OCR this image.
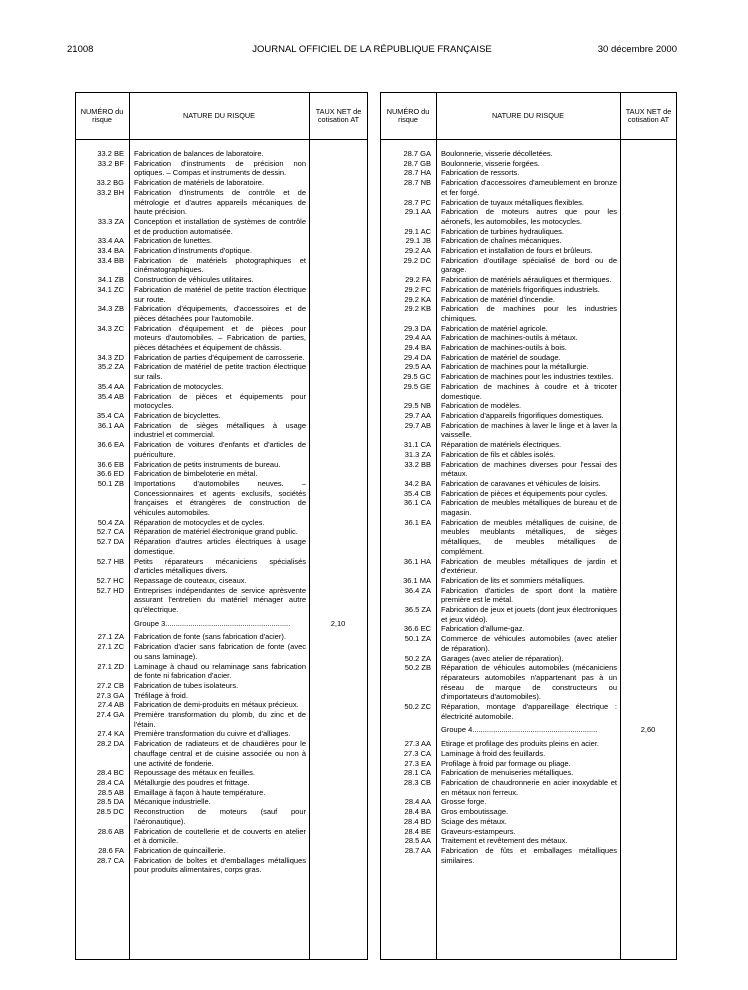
21008	JOURNAL OFFICIEL DE LA RÉPUBLIQUE FRANÇAISE	30 décembre 2000
NUMÉRO du risque	NATURE DU RISQUE	TAUX NET de cotisation AT
33.2 BE	Fabrication de balances de laboratoire.
33.2 BF	Fabrication d'instruments de précision non optiques. – Compas et instruments de dessin.
33.2 BG	Fabrication de matériels de laboratoire.
33.2 BH	Fabrication d'instruments de contrôle et de métrologie et d'autres appareils mécaniques de haute précision.
33.3 ZA	Conception et installation de systèmes de contrôle et de production automatisée.
33.4 AA	Fabrication de lunettes.
33.4 BA	Fabrication d'instruments d'optique.
33.4 BB	Fabrication de matériels photographiques et cinématographiques.
34.1 ZB	Construction de véhicules utilitaires.
34.1 ZC	Fabrication de matériel de petite traction électrique sur route.
34.3 ZB	Fabrication d'équipements, d'accessoires et de pièces détachées pour l'automobile.
34.3 ZC	Fabrication d'équipement et de pièces pour moteurs d'automobiles. – Fabrication de parties, pièces détachées et équipement de châssis.
34.3 ZD	Fabrication de parties d'équipement de carrosserie.
35.2 ZA	Fabrication de matériel de petite traction électrique sur rails.
35.4 AA	Fabrication de motocycles.
35.4 AB	Fabrication de pièces et équipements pour motocycles.
35.4 CA	Fabrication de bicyclettes.
36.1 AA	Fabrication de sièges métalliques à usage industriel et commercial.
36.6 EA	Fabrication de voitures d'enfants et d'articles de puériculture.
36.6 EB	Fabrication de petits instruments de bureau.
36.6 ED	Fabrication de bimbeloterie en métal.
50.1 ZB	Importations d'automobiles neuves. – Concessionnaires et agents exclusifs, sociétés françaises et étrangères de construction de véhicules automobiles.
50.4 ZA	Réparation de motocycles et de cycles.
52.7 CA	Réparation de matériel électronique grand public.
52.7 DA	Réparation d'autres articles électriques à usage domestique.
52.7 HB	Petits réparateurs mécaniciens spécialisés d'articles métalliques divers.
52.7 HC	Repassage de couteaux, ciseaux.
52.7 HD	Entreprises indépendantes de service aprèsvente assurant l'entretien du matériel ménager autre qu'électrique.
Groupe 3............................................................	2,10
27.1 ZA	Fabrication de fonte (sans fabrication d'acier).
27.1 ZC	Fabrication d'acier sans fabrication de fonte (avec ou sans laminage).
27.1 ZD	Laminage à chaud ou relaminage sans fabrication de fonte ni fabrication d'acier.
27.2 CB	Fabrication de tubes isolateurs.
27.3 GA	Tréfilage à froid.
27.4 AB	Fabrication de demi-produits en métaux précieux.
27.4 GA	Première transformation du plomb, du zinc et de l'étain.
27.4 KA	Première transformation du cuivre et d'alliages.
28.2 DA	Fabrication de radiateurs et de chaudières pour le chauffage central et de cuisine associée ou non à une activité de fonderie.
28.4 BC	Repoussage des métaux en feuilles.
28.4 CA	Métallurgie des poudres et frittage.
28.5 AB	Emaillage à façon à haute température.
28.5 DA	Mécanique industrielle.
28.5 DC	Reconstruction de moteurs (sauf pour l'aéronautique).
28.6 AB	Fabrication de coutellerie et de couverts en atelier et à domicile.
28.6 FA	Fabrication de quincaillerie.
28.7 CA	Fabrication de boîtes et d'emballages métalliques pour produits alimentaires, corps gras.
NUMÉRO du risque	NATURE DU RISQUE	TAUX NET de cotisation AT
28.7 GA	Boulonnerie, visserie décolletées.
28.7 GB	Boulonnerie, visserie forgées.
28.7 HA	Fabrication de ressorts.
28.7 NB	Fabrication d'accessoires d'ameublement en bronze et fer forgé.
28.7 PC	Fabrication de tuyaux métalliques flexibles.
29.1 AA	Fabrication de moteurs autres que pour les aéronefs, les automobiles, les motocycles.
29.1 AC	Fabrication de turbines hydrauliques.
29.1 JB	Fabrication de chaînes mécaniques.
29.2 AA	Fabrication et installation de fours et brûleurs.
29.2 DC	Fabrication d'outillage spécialisé de bord ou de garage.
29.2 FA	Fabrication de matériels aérauliques et thermiques.
29.2 FC	Fabrication de matériels frigorifiques industriels.
29.2 KA	Fabrication de matériel d'incendie.
29.2 KB	Fabrication de machines pour les industries chimiques.
29.3 DA	Fabrication de matériel agricole.
29.4 AA	Fabrication de machines-outils à métaux.
29.4 BA	Fabrication de machines-outils à bois.
29.4 DA	Fabrication de matériel de soudage.
29.5 AA	Fabrication de machines pour la métallurgie.
29.5 GC	Fabrication de machines pour les industries textiles.
29.5 GE	Fabrication de machines à coudre et à tricoter domestique.
29.5 NB	Fabrication de modèles.
29.7 AA	Fabrication d'appareils frigorifiques domestiques.
29.7 AB	Fabrication de machines à laver le linge et à laver la vaisselle.
31.1 CA	Réparation de matériels électriques.
31.3 ZA	Fabrication de fils et câbles isolés.
33.2 BB	Fabrication de machines diverses pour l'essai des métaux.
34.2 BA	Fabrication de caravanes et véhicules de loisirs.
35.4 CB	Fabrication de pièces et équipements pour cycles.
36.1 CA	Fabrication de meubles métalliques de bureau et de magasin.
36.1 EA	Fabrication de meubles métalliques de cuisine, de meubles meublants métalliques, de sièges métalliques, de meubles métalliques de complément.
36.1 HA	Fabrication de meubles métalliques de jardin et d'extérieur.
36.1 MA	Fabrication de lits et sommiers métalliques.
36.4 ZA	Fabrication d'articles de sport dont la matière première est le métal.
36.5 ZA	Fabrication de jeux et jouets (dont jeux électroniques et jeux vidéo).
36.6 EC	Fabrication d'allume-gaz.
50.1 ZA	Commerce de véhicules automobiles (avec atelier de réparation).
50.2 ZA	Garages (avec atelier de réparation).
50.2 ZB	Réparation de véhicules automobiles (mécaniciens réparateurs automobiles n'appartenant pas à un réseau de marque de constructeurs ou d'importateurs d'automobiles).
50.2 ZC	Réparation, montage d'appareillage électrique : électricité automobile.
Groupe 4............................................................	2,60
27.3 AA	Etirage et profilage des produits pleins en acier.
27.3 CA	Laminage à froid des feuillards.
27.3 EA	Profilage à froid par formage ou pliage.
28.1 CA	Fabrication de menuiseries métalliques.
28.3 CB	Fabrication de chaudronnerie en acier inoxydable et en métaux non ferreux.
28.4 AA	Grosse forge.
28.4 BA	Gros emboutissage.
28.4 BD	Sciage des métaux.
28.4 BE	Graveurs-estampeurs.
28.5 AA	Traitement et revêtement des métaux.
28.7 AA	Fabrication de fûts et emballages métalliques similaires.
